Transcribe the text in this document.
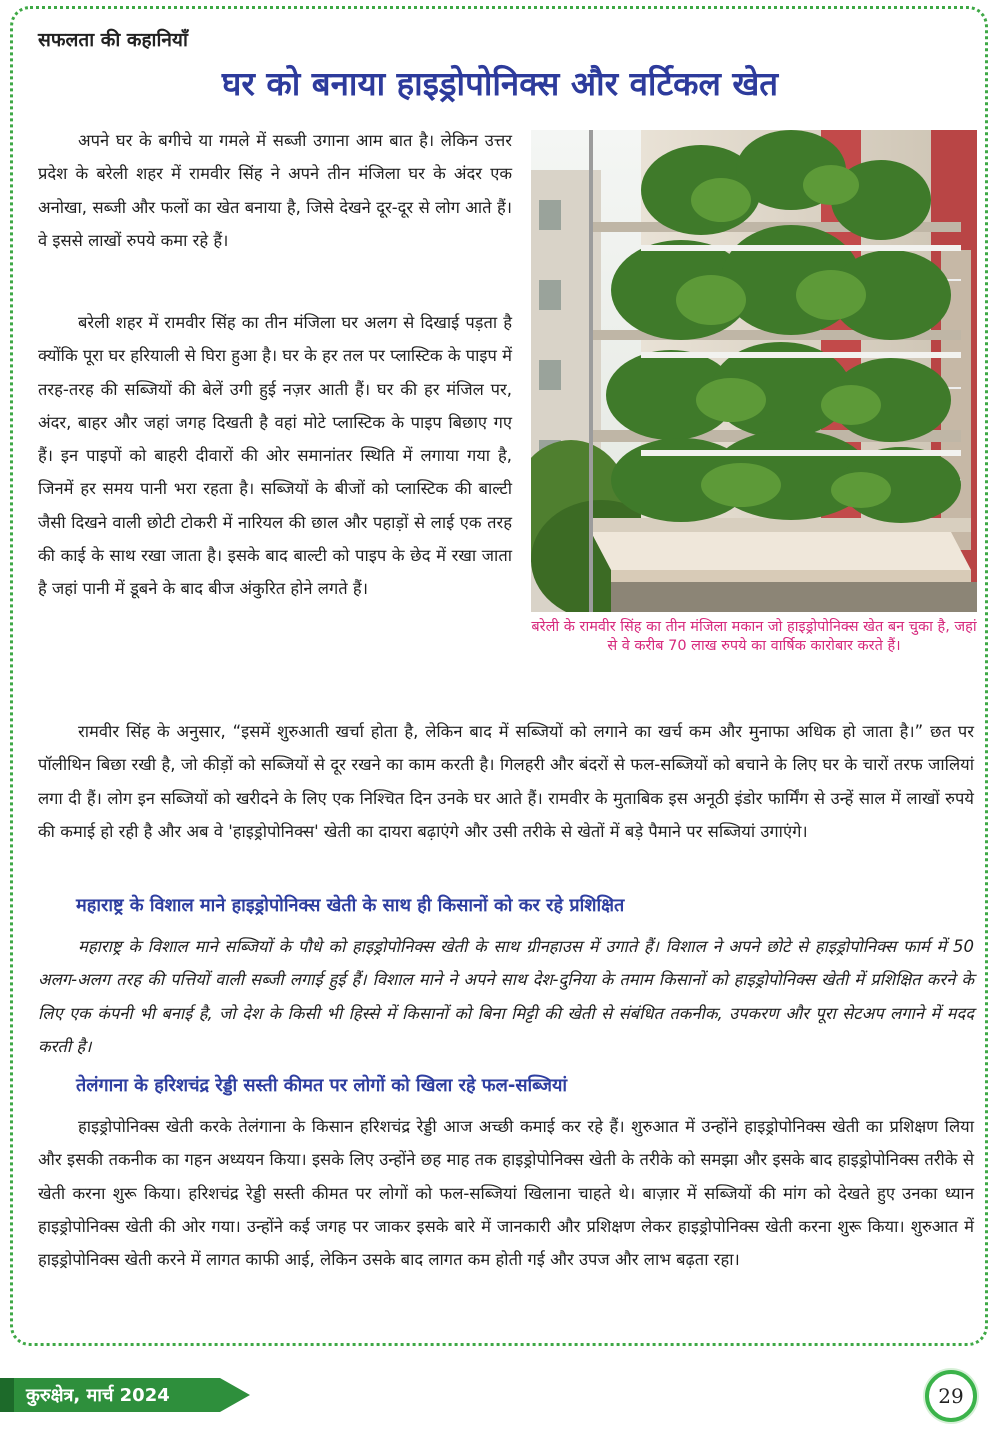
सफलता की कहानियाँ
घर को बनाया हाइड्रोपोनिक्स और वर्टिकल खेत

अपने घर के बगीचे या गमले में सब्जी उगाना आम बात है। लेकिन उत्तर प्रदेश के बरेली शहर में रामवीर सिंह ने अपने तीन मंजिला घर के अंदर एक अनोखा, सब्जी और फलों का खेत बनाया है, जिसे देखने दूर-दूर से लोग आते हैं। वे इससे लाखों रुपये कमा रहे हैं।

बरेली शहर में रामवीर सिंह का तीन मंजिला घर अलग से दिखाई पड़ता है क्योंकि पूरा घर हरियाली से घिरा हुआ है। घर के हर तल पर प्लास्टिक के पाइप में तरह-तरह की सब्जियों की बेलें उगी हुई नज़र आती हैं। घर की हर मंजिल पर, अंदर, बाहर और जहां जगह दिखती है वहां मोटे प्लास्टिक के पाइप बिछाए गए हैं। इन पाइपों को बाहरी दीवारों की ओर समानांतर स्थिति में लगाया गया है, जिनमें हर समय पानी भरा रहता है। सब्जियों के बीजों को प्लास्टिक की बाल्टी जैसी दिखने वाली छोटी टोकरी में नारियल की छाल और पहाड़ों से लाई एक तरह की काई के साथ रखा जाता है। इसके बाद बाल्टी को पाइप के छेद में रखा जाता है जहां पानी में डूबने के बाद बीज अंकुरित होने लगते हैं।

बरेली के रामवीर सिंह का तीन मंजिला मकान जो हाइड्रोपोनिक्स खेत बन चुका है, जहां से वे करीब 70 लाख रुपये का वार्षिक कारोबार करते हैं।

रामवीर सिंह के अनुसार, “इसमें शुरुआती खर्चा होता है, लेकिन बाद में सब्जियों को लगाने का खर्च कम और मुनाफा अधिक हो जाता है।” छत पर पॉलीथिन बिछा रखी है, जो कीड़ों को सब्जियों से दूर रखने का काम करती है। गिलहरी और बंदरों से फल-सब्जियों को बचाने के लिए घर के चारों तरफ जालियां लगा दी हैं। लोग इन सब्जियों को खरीदने के लिए एक निश्चित दिन उनके घर आते हैं। रामवीर के मुताबिक इस अनूठी इंडोर फार्मिंग से उन्हें साल में लाखों रुपये की कमाई हो रही है और अब वे 'हाइड्रोपोनिक्स' खेती का दायरा बढ़ाएंगे और उसी तरीके से खेतों में बड़े पैमाने पर सब्जियां उगाएंगे।

महाराष्ट्र के विशाल माने हाइड्रोपोनिक्स खेती के साथ ही किसानों को कर रहे प्रशिक्षित

महाराष्ट्र के विशाल माने सब्जियों के पौधे को हाइड्रोपोनिक्स खेती के साथ ग्रीनहाउस में उगाते हैं। विशाल ने अपने छोटे से हाइड्रोपोनिक्स फार्म में 50 अलग-अलग तरह की पत्तियों वाली सब्जी लगाई हुई हैं। विशाल माने ने अपने साथ देश-दुनिया के तमाम किसानों को हाइड्रोपोनिक्स खेती में प्रशिक्षित करने के लिए एक कंपनी भी बनाई है, जो देश के किसी भी हिस्से में किसानों को बिना मिट्टी की खेती से संबंधित तकनीक, उपकरण और पूरा सेटअप लगाने में मदद करती है।

तेलंगाना के हरिशचंद्र रेड्डी सस्ती कीमत पर लोगों को खिला रहे फल-सब्जियां

हाइड्रोपोनिक्स खेती करके तेलंगाना के किसान हरिशचंद्र रेड्डी आज अच्छी कमाई कर रहे हैं। शुरुआत में उन्होंने हाइड्रोपोनिक्स खेती का प्रशिक्षण लिया और इसकी तकनीक का गहन अध्ययन किया। इसके लिए उन्होंने छह माह तक हाइड्रोपोनिक्स खेती के तरीके को समझा और इसके बाद हाइड्रोपोनिक्स तरीके से खेती करना शुरू किया। हरिशचंद्र रेड्डी सस्ती कीमत पर लोगों को फल-सब्जियां खिलाना चाहते थे। बाज़ार में सब्जियों की मांग को देखते हुए उनका ध्यान हाइड्रोपोनिक्स खेती की ओर गया। उन्होंने कई जगह पर जाकर इसके बारे में जानकारी और प्रशिक्षण लेकर हाइड्रोपोनिक्स खेती करना शुरू किया। शुरुआत में हाइड्रोपोनिक्स खेती करने में लागत काफी आई, लेकिन उसके बाद लागत कम होती गई और उपज और लाभ बढ़ता रहा।

कुरुक्षेत्र, मार्च 2024	29
